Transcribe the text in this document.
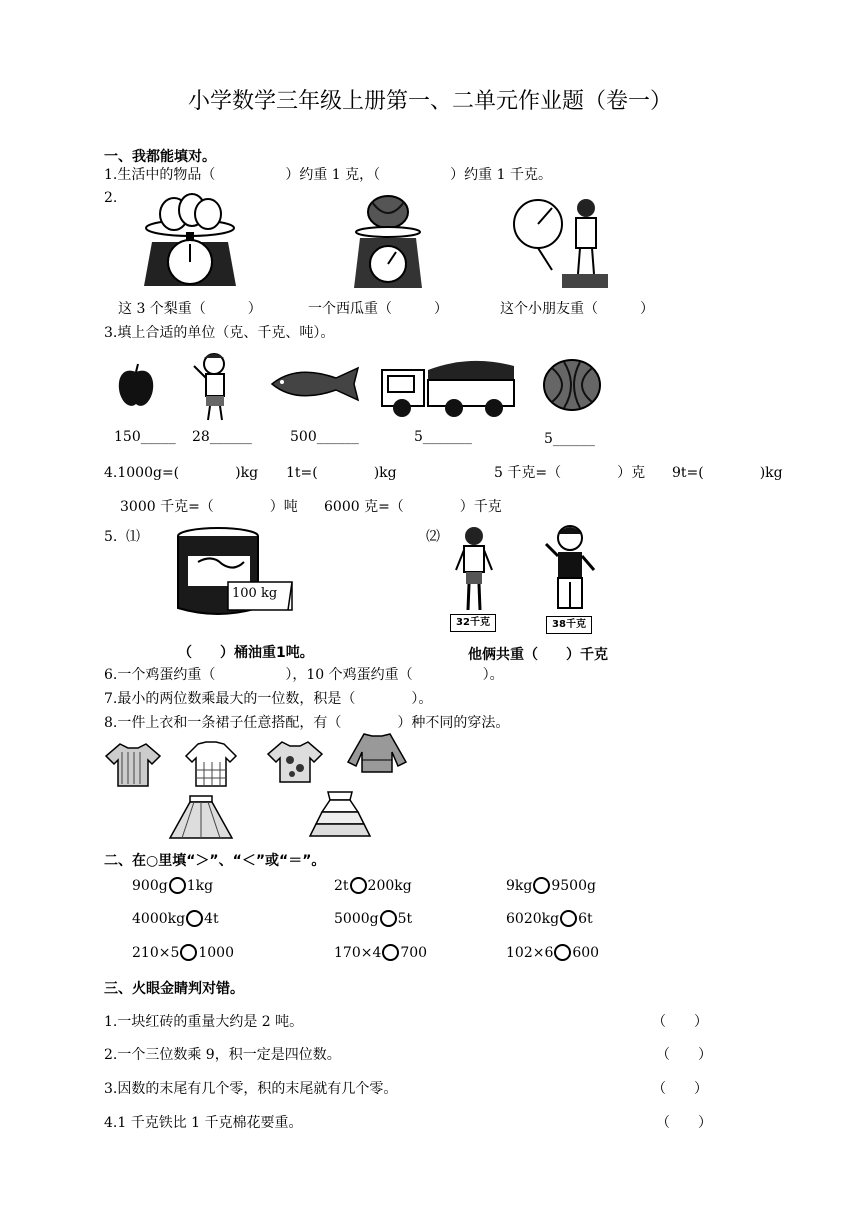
小学数学三年级上册第一、二单元作业题（卷一）
一、我都能填对。
1.生活中的物品（　　　　　）约重 1 克，（　　　　　）约重 1 千克。
2.
这 3 个梨重（　　　）	一个西瓜重（　　　）	这个小朋友重（　　　）
3.填上合适的单位（克、千克、吨）。
150_____ 28______	500______	5_______	5______
4.1000g=(　　　　)kg 1t=(　　　　)kg	5 千克=（　　　　）克 9t=(　　　　)kg
3000 千克=（　　　　）吨 6000 克=（　　　　）千克
5. ⑴	⑵
100 kg
32千克	38千克
（　　）桶油重1吨。	他俩共重（　　）千克
6.一个鸡蛋约重（　　　　　），10 个鸡蛋约重（　　　　　）。
7.最小的两位数乘最大的一位数，积是（　　　　）。
8.一件上衣和一条裙子任意搭配，有（　　　　）种不同的穿法。
二、在○里填“＞”、“＜”或“＝”。
900g 1kg	2t 200kg	9kg 9500g
4000kg 4t	5000g 5t	6020kg 6t
210×5 1000	170×4 700	102×6 600
三、火眼金睛判对错。
1.一块红砖的重量大约是 2 吨。	（　　）
2.一个三位数乘 9，积一定是四位数。	（　　）
3.因数的末尾有几个零，积的末尾就有几个零。	（　　）
4.1 千克铁比 1 千克棉花要重。	（　　）
